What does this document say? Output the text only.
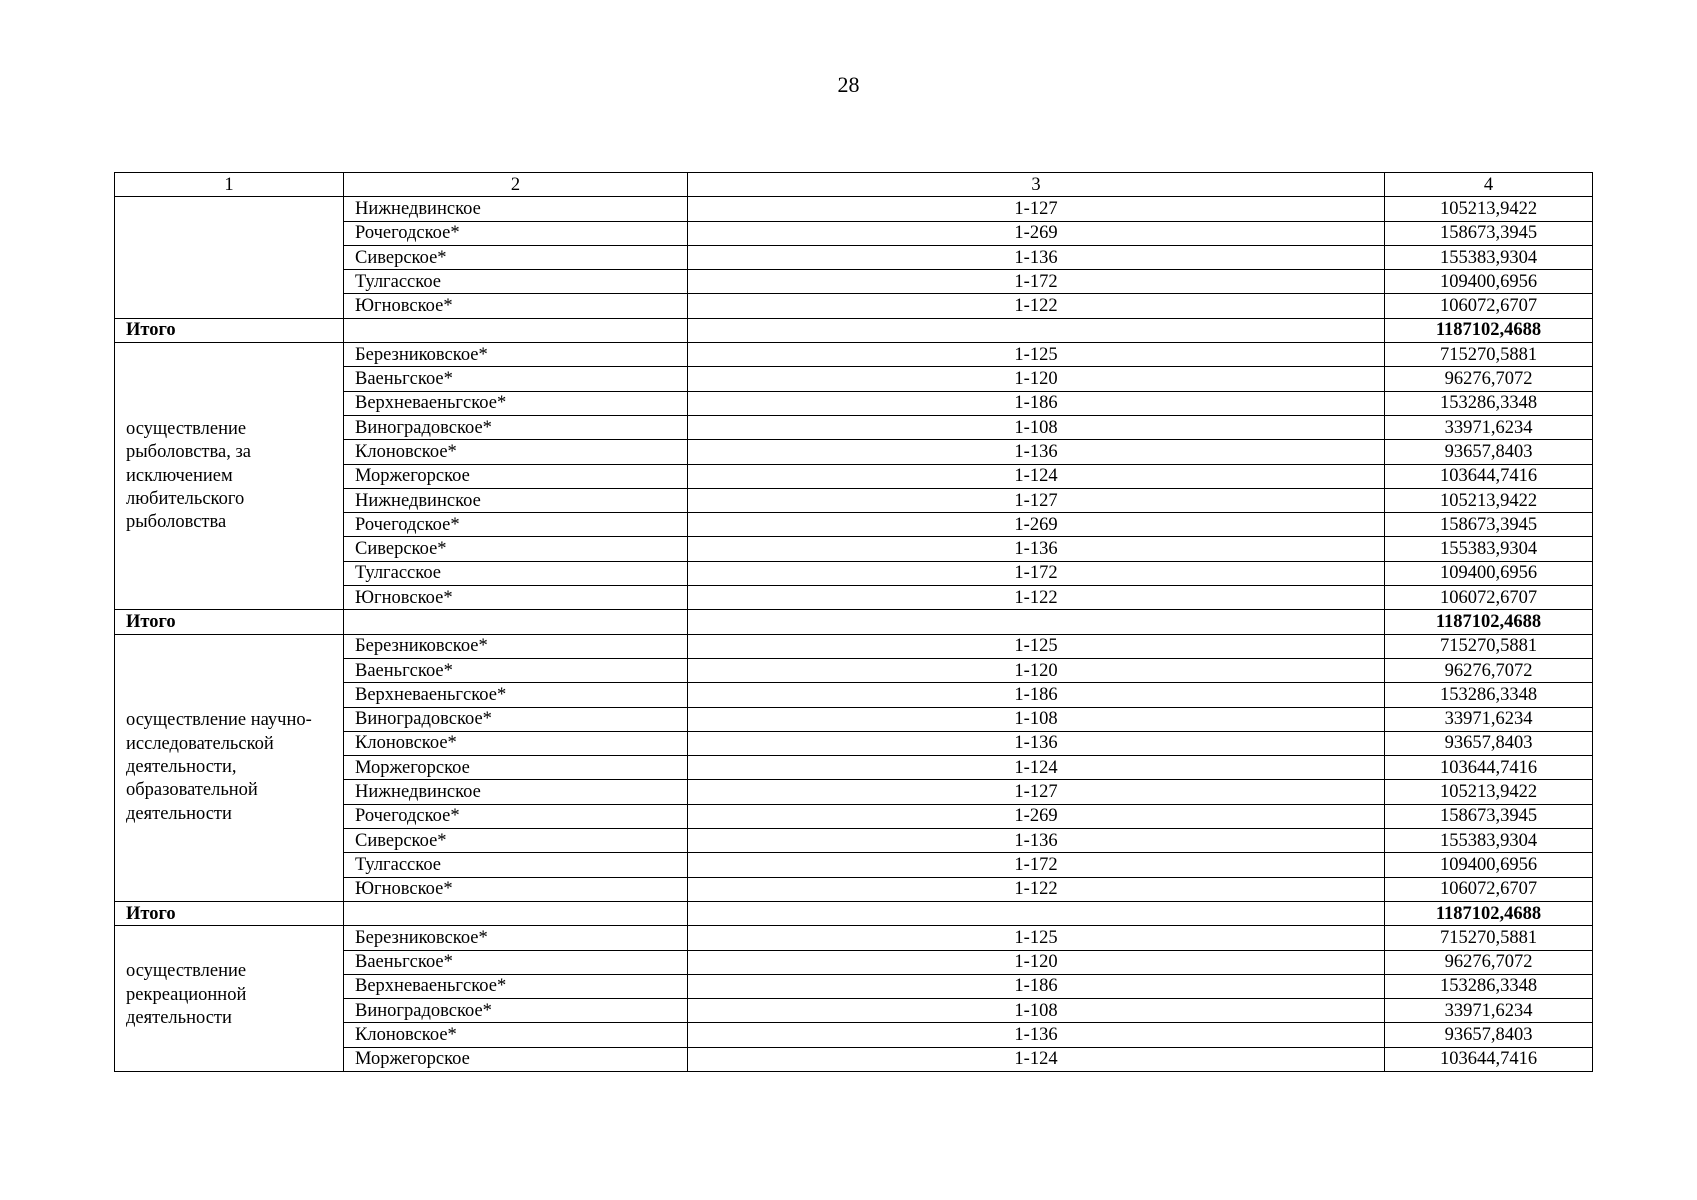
28
1	2	3	4
	Нижнедвинское	1-127	105213,9422
	Рочегодское*	1-269	158673,3945
	Сиверское*	1-136	155383,9304
	Тулгасское	1-172	109400,6956
	Югновское*	1-122	106072,6707
Итого			1187102,4688
осуществление рыболовства, за исключением любительского рыболовства	Березниковское*	1-125	715270,5881
	Ваеньгское*	1-120	96276,7072
	Верхневаеньгское*	1-186	153286,3348
	Виноградовское*	1-108	33971,6234
	Клоновское*	1-136	93657,8403
	Моржегорское	1-124	103644,7416
	Нижнедвинское	1-127	105213,9422
	Рочегодское*	1-269	158673,3945
	Сиверское*	1-136	155383,9304
	Тулгасское	1-172	109400,6956
	Югновское*	1-122	106072,6707
Итого			1187102,4688
осуществление научно-исследовательской деятельности, образовательной деятельности	Березниковское*	1-125	715270,5881
	Ваеньгское*	1-120	96276,7072
	Верхневаеньгское*	1-186	153286,3348
	Виноградовское*	1-108	33971,6234
	Клоновское*	1-136	93657,8403
	Моржегорское	1-124	103644,7416
	Нижнедвинское	1-127	105213,9422
	Рочегодское*	1-269	158673,3945
	Сиверское*	1-136	155383,9304
	Тулгасское	1-172	109400,6956
	Югновское*	1-122	106072,6707
Итого			1187102,4688
осуществление рекреационной деятельности	Березниковское*	1-125	715270,5881
	Ваеньгское*	1-120	96276,7072
	Верхневаеньгское*	1-186	153286,3348
	Виноградовское*	1-108	33971,6234
	Клоновское*	1-136	93657,8403
	Моржегорское	1-124	103644,7416
